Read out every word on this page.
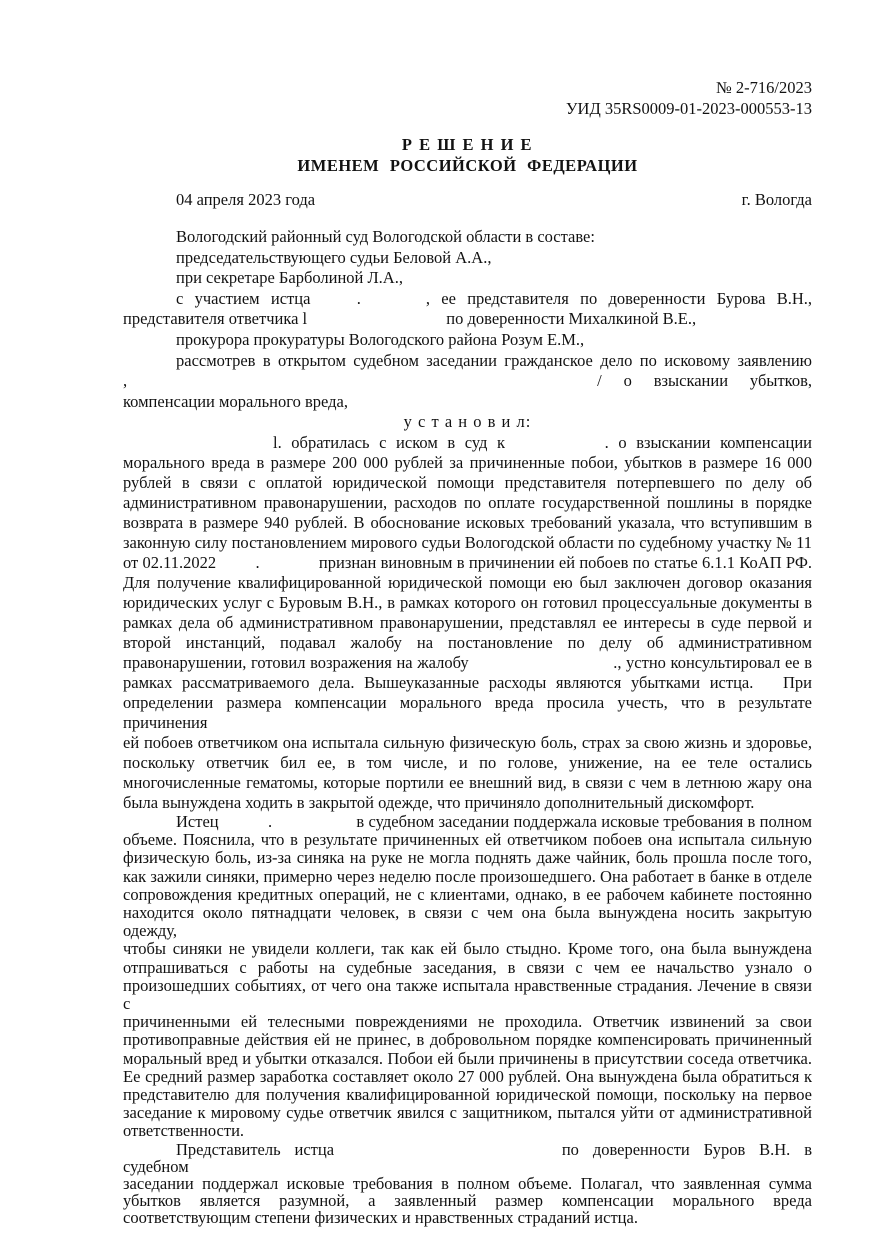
№ 2-716/2023
УИД 35RS0009-01-2023-000553-13
Р Е Ш Е Н И Е
ИМЕНЕМ РОССИЙСКОЙ ФЕДЕРАЦИИ
04 апреля 2023 года	г. Вологда
Вологодский районный суд Вологодской области в составе:
председательствующего судьи Беловой А.А.,
при секретаре Барболиной Л.А.,
с участием истца .	, ее представителя по доверенности Бурова В.Н.,
представителя ответчика l	по доверенности Михалкиной В.Е.,
прокурора прокуратуры Вологодского района Розум Е.М.,
рассмотрев в открытом судебном заседании гражданское дело по исковому заявлению
,	/ о взыскании убытков,
компенсации морального вреда,
у с т а н о в и л:
l. обратилась с иском в суд к	. о взыскании компенсации
морального вреда в размере 200 000 рублей за причиненные побои, убытков в размере 16 000
рублей в связи с оплатой юридической помощи представителя потерпевшего по делу об
административном правонарушении, расходов по оплате государственной пошлины в порядке
возврата в размере 940 рублей. В обоснование исковых требований указала, что вступившим в
законную силу постановлением мирового судьи Вологодской области по судебному участку № 11
от 02.11.2022 .	признан виновным в причинении ей побоев по статье 6.1.1 КоАП РФ.
Для получение квалифицированной юридической помощи ею был заключен договор оказания
юридических услуг с Буровым В.Н., в рамках которого он готовил процессуальные документы в
рамках дела об административном правонарушении, представлял ее интересы в суде первой и
второй инстанций, подавал жалобу на постановление по делу об административном
правонарушении, готовил возражения на жалобу	., устно консультировал ее в
рамках рассматриваемого дела. Вышеуказанные расходы являются убытками истца. При
определении размера компенсации морального вреда просила учесть, что в результате причинения
ей побоев ответчиком она испытала сильную физическую боль, страх за свою жизнь и здоровье,
поскольку ответчик бил ее, в том числе, и по голове, унижение, на ее теле остались
многочисленные гематомы, которые портили ее внешний вид, в связи с чем в летнюю жару она
была вынуждена ходить в закрытой одежде, что причиняло дополнительный дискомфорт.
Истец	.	в судебном заседании поддержала исковые требования в полном
объеме. Пояснила, что в результате причиненных ей ответчиком побоев она испытала сильную
физическую боль, из-за синяка на руке не могла поднять даже чайник, боль прошла после того,
как зажили синяки, примерно через неделю после произошедшего. Она работает в банке в отделе
сопровождения кредитных операций, не с клиентами, однако, в ее рабочем кабинете постоянно
находится около пятнадцати человек, в связи с чем она была вынуждена носить закрытую одежду,
чтобы синяки не увидели коллеги, так как ей было стыдно. Кроме того, она была вынуждена
отпрашиваться с работы на судебные заседания, в связи с чем ее начальство узнало о
произошедших событиях, от чего она также испытала нравственные страдания. Лечение в связи с
причиненными ей телесными повреждениями не проходила. Ответчик извинений за свои
противоправные действия ей не принес, в добровольном порядке компенсировать причиненный
моральный вред и убытки отказался. Побои ей были причинены в присутствии соседа ответчика.
Ее средний размер заработка составляет около 27 000 рублей. Она вынуждена была обратиться к
представителю для получения квалифицированной юридической помощи, поскольку на первое
заседание к мировому судье ответчик явился с защитником, пытался уйти от административной
ответственности.
Представитель истца	по доверенности Буров В.Н. в судебном
заседании поддержал исковые требования в полном объеме. Полагал, что заявленная сумма
убытков является разумной, а заявленный размер компенсации морального вреда
соответствующим степени физических и нравственных страданий истца.
